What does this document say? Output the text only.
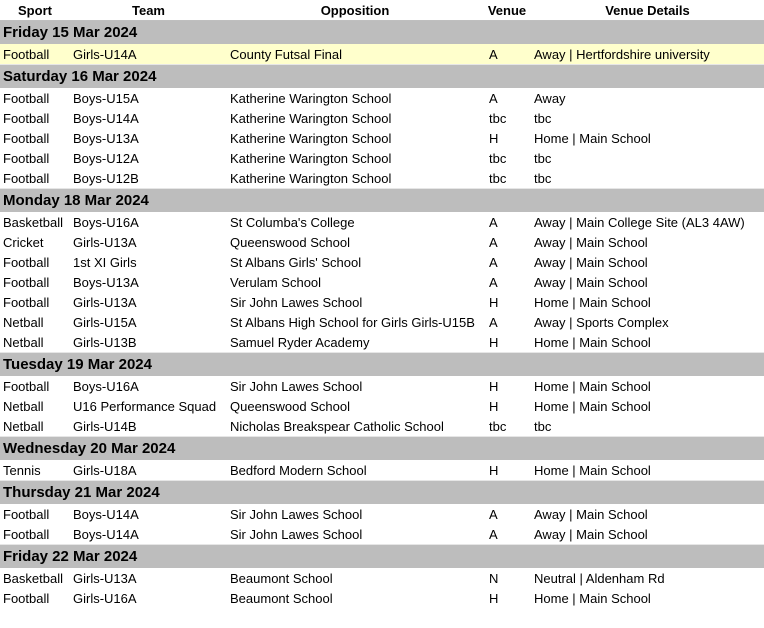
Sport	Team	Opposition	Venue	Venue Details
Friday 15 Mar 2024				
Football	Girls-U14A	County Futsal Final	A	Away | Hertfordshire university
Saturday 16 Mar 2024				
Football	Boys-U15A	Katherine Warington School	A	Away
Football	Boys-U14A	Katherine Warington School	tbc	tbc
Football	Boys-U13A	Katherine Warington School	H	Home | Main School
Football	Boys-U12A	Katherine Warington School	tbc	tbc
Football	Boys-U12B	Katherine Warington School	tbc	tbc
Monday 18 Mar 2024				
Basketball	Boys-U16A	St Columba's College	A	Away | Main College Site (AL3 4AW)
Cricket	Girls-U13A	Queenswood School	A	Away | Main School
Football	1st XI Girls	St Albans Girls' School	A	Away | Main School
Football	Boys-U13A	Verulam School	A	Away | Main School
Football	Girls-U13A	Sir John Lawes School	H	Home | Main School
Netball	Girls-U15A	St Albans High School for Girls Girls-U15B	A	Away | Sports Complex
Netball	Girls-U13B	Samuel Ryder Academy	H	Home | Main School
Tuesday 19 Mar 2024				
Football	Boys-U16A	Sir John Lawes School	H	Home | Main School
Netball	U16 Performance Squad	Queenswood School	H	Home | Main School
Netball	Girls-U14B	Nicholas Breakspear Catholic School	tbc	tbc
Wednesday 20 Mar 2024				
Tennis	Girls-U18A	Bedford Modern School	H	Home | Main School
Thursday 21 Mar 2024				
Football	Boys-U14A	Sir John Lawes School	A	Away | Main School
Football	Boys-U14A	Sir John Lawes School	A	Away | Main School
Friday 22 Mar 2024				
Basketball	Girls-U13A	Beaumont School	N	Neutral | Aldenham Rd
Football	Girls-U16A	Beaumont School	H	Home | Main School
